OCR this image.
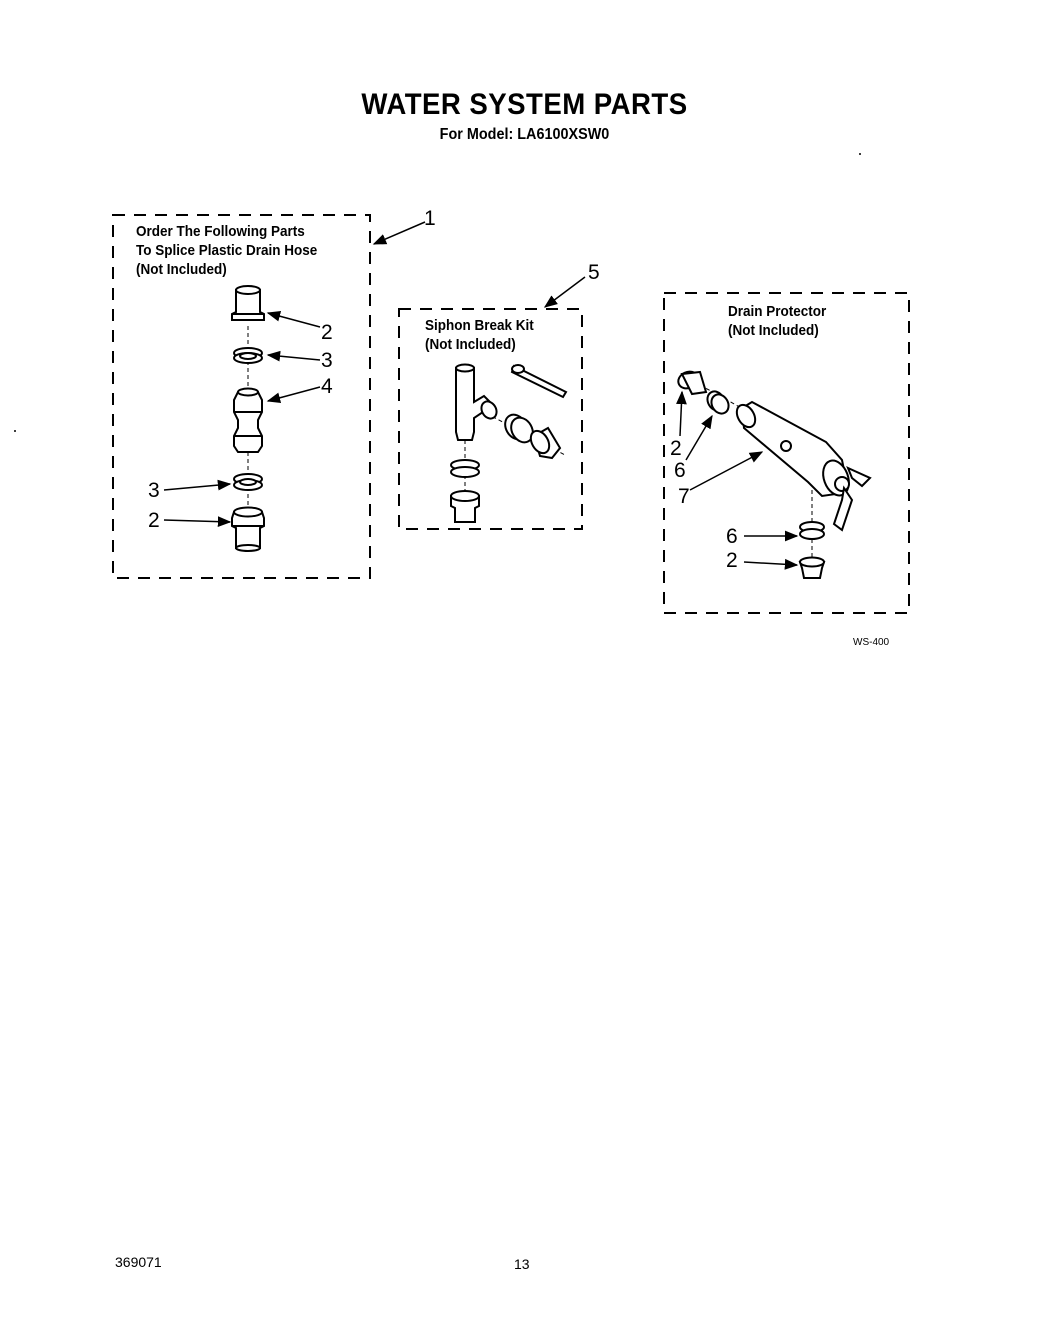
WATER SYSTEM PARTS
For Model: LA6100XSW0
Order The Following Parts
To Splice Plastic Drain Hose
(Not Included)
Siphon Break Kit
(Not Included)
Drain Protector
(Not Included)
1
5
2
3
4
3
2
2
6
7
6
2
WS-400
369071	13
